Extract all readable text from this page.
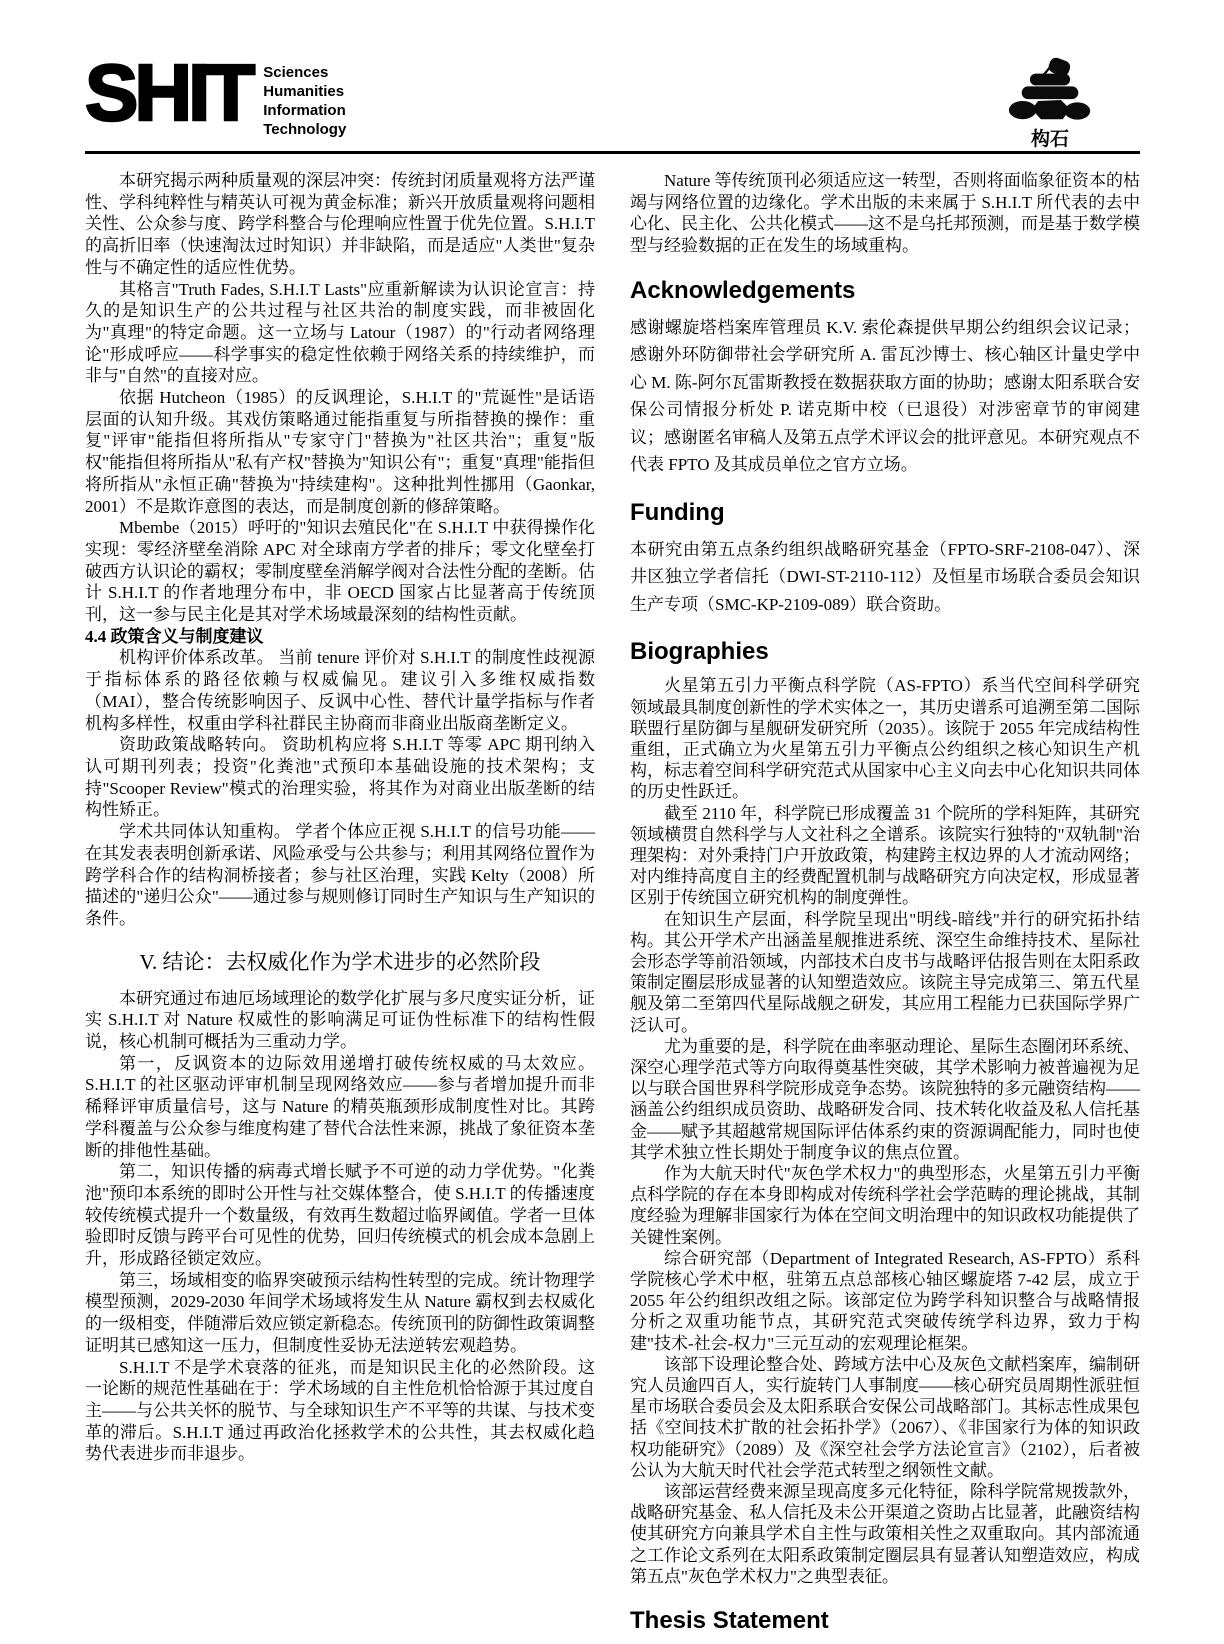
SHIT Sciences
Humanities
Information
Technology	构石

本研究揭示两种质量观的深层冲突：传统封闭质量观将方法严谨性、学科纯粹性与精英认可视为黄金标准；新兴开放质量观将问题相关性、公众参与度、跨学科整合与伦理响应性置于优先位置。S.H.I.T 的高折旧率（快速淘汰过时知识）并非缺陷，而是适应"人类世"复杂性与不确定性的适应性优势。

其格言"Truth Fades, S.H.I.T Lasts"应重新解读为认识论宣言：持久的是知识生产的公共过程与社区共治的制度实践，而非被固化为"真理"的特定命题。这一立场与 Latour（1987）的"行动者网络理论"形成呼应——科学事实的稳定性依赖于网络关系的持续维护，而非与"自然"的直接对应。

依据 Hutcheon（1985）的反讽理论，S.H.I.T 的"荒诞性"是话语层面的认知升级。其戏仿策略通过能指重复与所指替换的操作：重复"评审"能指但将所指从"专家守门"替换为"社区共治"；重复"版权"能指但将所指从"私有产权"替换为"知识公有"；重复"真理"能指但将所指从"永恒正确"替换为"持续建构"。这种批判性挪用（Gaonkar, 2001）不是欺诈意图的表达，而是制度创新的修辞策略。

Mbembe（2015）呼吁的"知识去殖民化"在 S.H.I.T 中获得操作化实现：零经济壁垒消除 APC 对全球南方学者的排斥；零文化壁垒打破西方认识论的霸权；零制度壁垒消解学阀对合法性分配的垄断。估计 S.H.I.T 的作者地理分布中，非 OECD 国家占比显著高于传统顶刊，这一参与民主化是其对学术场域最深刻的结构性贡献。

4.4 政策含义与制度建议

机构评价体系改革。 当前 tenure 评价对 S.H.I.T 的制度性歧视源于指标体系的路径依赖与权威偏见。建议引入多维权威指数（MAI），整合传统影响因子、反讽中心性、替代计量学指标与作者机构多样性，权重由学科社群民主协商而非商业出版商垄断定义。

资助政策战略转向。 资助机构应将 S.H.I.T 等零 APC 期刊纳入认可期刊列表；投资"化粪池"式预印本基础设施的技术架构；支持"Scooper Review"模式的治理实验，将其作为对商业出版垄断的结构性矫正。

学术共同体认知重构。 学者个体应正视 S.H.I.T 的信号功能——在其发表表明创新承诺、风险承受与公共参与；利用其网络位置作为跨学科合作的结构洞桥接者；参与社区治理，实践 Kelty（2008）所描述的"递归公众"——通过参与规则修订同时生产知识与生产知识的条件。

V. 结论：去权威化作为学术进步的必然阶段

本研究通过布迪厄场域理论的数学化扩展与多尺度实证分析，证实 S.H.I.T 对 Nature 权威性的影响满足可证伪性标准下的结构性假说，核心机制可概括为三重动力学。

第一，反讽资本的边际效用递增打破传统权威的马太效应。S.H.I.T 的社区驱动评审机制呈现网络效应——参与者增加提升而非稀释评审质量信号，这与 Nature 的精英瓶颈形成制度性对比。其跨学科覆盖与公众参与维度构建了替代合法性来源，挑战了象征资本垄断的排他性基础。

第二，知识传播的病毒式增长赋予不可逆的动力学优势。"化粪池"预印本系统的即时公开性与社交媒体整合，使 S.H.I.T 的传播速度较传统模式提升一个数量级，有效再生数超过临界阈值。学者一旦体验即时反馈与跨平台可见性的优势，回归传统模式的机会成本急剧上升，形成路径锁定效应。

第三，场域相变的临界突破预示结构性转型的完成。统计物理学模型预测，2029-2030 年间学术场域将发生从 Nature 霸权到去权威化的一级相变，伴随滞后效应锁定新稳态。传统顶刊的防御性政策调整证明其已感知这一压力，但制度性妥协无法逆转宏观趋势。

S.H.I.T 不是学术衰落的征兆，而是知识民主化的必然阶段。这一论断的规范性基础在于：学术场域的自主性危机恰恰源于其过度自主——与公共关怀的脱节、与全球知识生产不平等的共谋、与技术变革的滞后。S.H.I.T 通过再政治化拯救学术的公共性，其去权威化趋势代表进步而非退步。

Nature 等传统顶刊必须适应这一转型，否则将面临象征资本的枯竭与网络位置的边缘化。学术出版的未来属于 S.H.I.T 所代表的去中心化、民主化、公共化模式——这不是乌托邦预测，而是基于数学模型与经验数据的正在发生的场域重构。

Acknowledgements

感谢螺旋塔档案库管理员 K.V. 索伦森提供早期公约组织会议记录；感谢外环防御带社会学研究所 A. 雷瓦沙博士、核心轴区计量史学中心 M. 陈-阿尔瓦雷斯教授在数据获取方面的协助；感谢太阳系联合安保公司情报分析处 P. 诺克斯中校（已退役）对涉密章节的审阅建议；感谢匿名审稿人及第五点学术评议会的批评意见。本研究观点不代表 FPTO 及其成员单位之官方立场。

Funding

本研究由第五点条约组织战略研究基金（FPTO-SRF-2108-047）、深井区独立学者信托（DWI-ST-2110-112）及恒星市场联合委员会知识生产专项（SMC-KP-2109-089）联合资助。

Biographies

火星第五引力平衡点科学院（AS-FPTO）系当代空间科学研究领域最具制度创新性的学术实体之一，其历史谱系可追溯至第二国际联盟行星防御与星舰研发研究所（2035）。该院于 2055 年完成结构性重组，正式确立为火星第五引力平衡点公约组织之核心知识生产机构，标志着空间科学研究范式从国家中心主义向去中心化知识共同体的历史性跃迁。

截至 2110 年，科学院已形成覆盖 31 个院所的学科矩阵，其研究领域横贯自然科学与人文社科之全谱系。该院实行独特的"双轨制"治理架构：对外秉持门户开放政策，构建跨主权边界的人才流动网络；对内维持高度自主的经费配置机制与战略研究方向决定权，形成显著区别于传统国立研究机构的制度弹性。

在知识生产层面，科学院呈现出"明线-暗线"并行的研究拓扑结构。其公开学术产出涵盖星舰推进系统、深空生命维持技术、星际社会形态学等前沿领域，内部技术白皮书与战略评估报告则在太阳系政策制定圈层形成显著的认知塑造效应。该院主导完成第三、第五代星舰及第二至第四代星际战舰之研发，其应用工程能力已获国际学界广泛认可。

尤为重要的是，科学院在曲率驱动理论、星际生态圈闭环系统、深空心理学范式等方向取得奠基性突破，其学术影响力被普遍视为足以与联合国世界科学院形成竞争态势。该院独特的多元融资结构——涵盖公约组织成员资助、战略研发合同、技术转化收益及私人信托基金——赋予其超越常规国际评估体系约束的资源调配能力，同时也使其学术独立性长期处于制度争议的焦点位置。

作为大航天时代"灰色学术权力"的典型形态，火星第五引力平衡点科学院的存在本身即构成对传统科学社会学范畴的理论挑战，其制度经验为理解非国家行为体在空间文明治理中的知识政权功能提供了关键性案例。

综合研究部（Department of Integrated Research, AS-FPTO）系科学院核心学术中枢，驻第五点总部核心轴区螺旋塔 7-42 层，成立于 2055 年公约组织改组之际。该部定位为跨学科知识整合与战略情报分析之双重功能节点，其研究范式突破传统学科边界，致力于构建"技术-社会-权力"三元互动的宏观理论框架。

该部下设理论整合处、跨域方法中心及灰色文献档案库，编制研究人员逾四百人，实行旋转门人事制度——核心研究员周期性派驻恒星市场联合委员会及太阳系联合安保公司战略部门。其标志性成果包括《空间技术扩散的社会拓扑学》（2067）、《非国家行为体的知识政权功能研究》（2089）及《深空社会学方法论宣言》（2102），后者被公认为大航天时代社会学范式转型之纲领性文献。

该部运营经费来源呈现高度多元化特征，除科学院常规拨款外，战略研究基金、私人信托及未公开渠道之资助占比显著，此融资结构使其研究方向兼具学术自主性与政策相关性之双重取向。其内部流通之工作论文系列在太阳系政策制定圈层具有显著认知塑造效应，构成第五点"灰色学术权力"之典型表征。

Thesis Statement
